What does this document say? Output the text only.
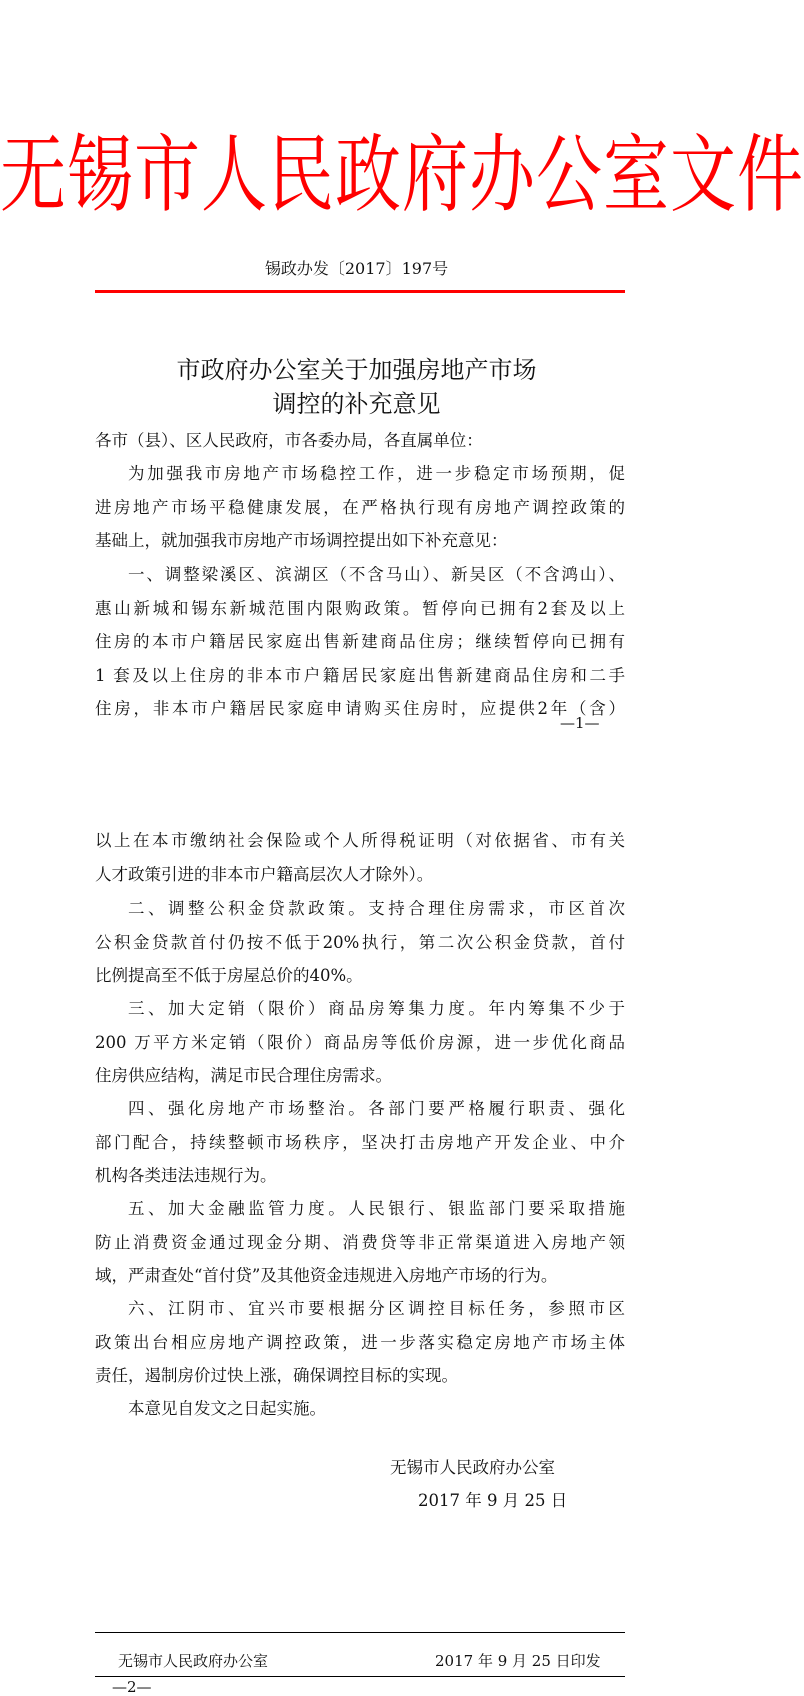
无锡市人民政府办公室文件
锡政办发〔2017〕197号
市政府办公室关于加强房地产市场
调控的补充意见
各市（县）、区人民政府，市各委办局，各直属单位：
为加强我市房地产市场稳控工作，进一步稳定市场预期，促
进房地产市场平稳健康发展，在严格执行现有房地产调控政策的
基础上，就加强我市房地产市场调控提出如下补充意见：
一、调整梁溪区、滨湖区（不含马山）、新吴区（不含鸿山）、
惠山新城和锡东新城范围内限购政策。暂停向已拥有2套及以上
住房的本市户籍居民家庭出售新建商品住房；继续暂停向已拥有
1 套及以上住房的非本市户籍居民家庭出售新建商品住房和二手
住房，非本市户籍居民家庭申请购买住房时，应提供2年（含）
—1—
以上在本市缴纳社会保险或个人所得税证明（对依据省、市有关
人才政策引进的非本市户籍高层次人才除外）。
二、调整公积金贷款政策。支持合理住房需求，市区首次
公积金贷款首付仍按不低于20%执行，第二次公积金贷款，首付
比例提高至不低于房屋总价的40%。
三、加大定销（限价）商品房筹集力度。年内筹集不少于
200 万平方米定销（限价）商品房等低价房源，进一步优化商品
住房供应结构，满足市民合理住房需求。
四、强化房地产市场整治。各部门要严格履行职责、强化
部门配合，持续整顿市场秩序，坚决打击房地产开发企业、中介
机构各类违法违规行为。
五、加大金融监管力度。人民银行、银监部门要采取措施
防止消费资金通过现金分期、消费贷等非正常渠道进入房地产领
域，严肃查处“首付贷”及其他资金违规进入房地产市场的行为。
六、江阴市、宜兴市要根据分区调控目标任务，参照市区
政策出台相应房地产调控政策，进一步落实稳定房地产市场主体
责任，遏制房价过快上涨，确保调控目标的实现。
本意见自发文之日起实施。
无锡市人民政府办公室
2017 年 9 月 25 日
无锡市人民政府办公室	2017 年 9 月 25 日印发
—2—
